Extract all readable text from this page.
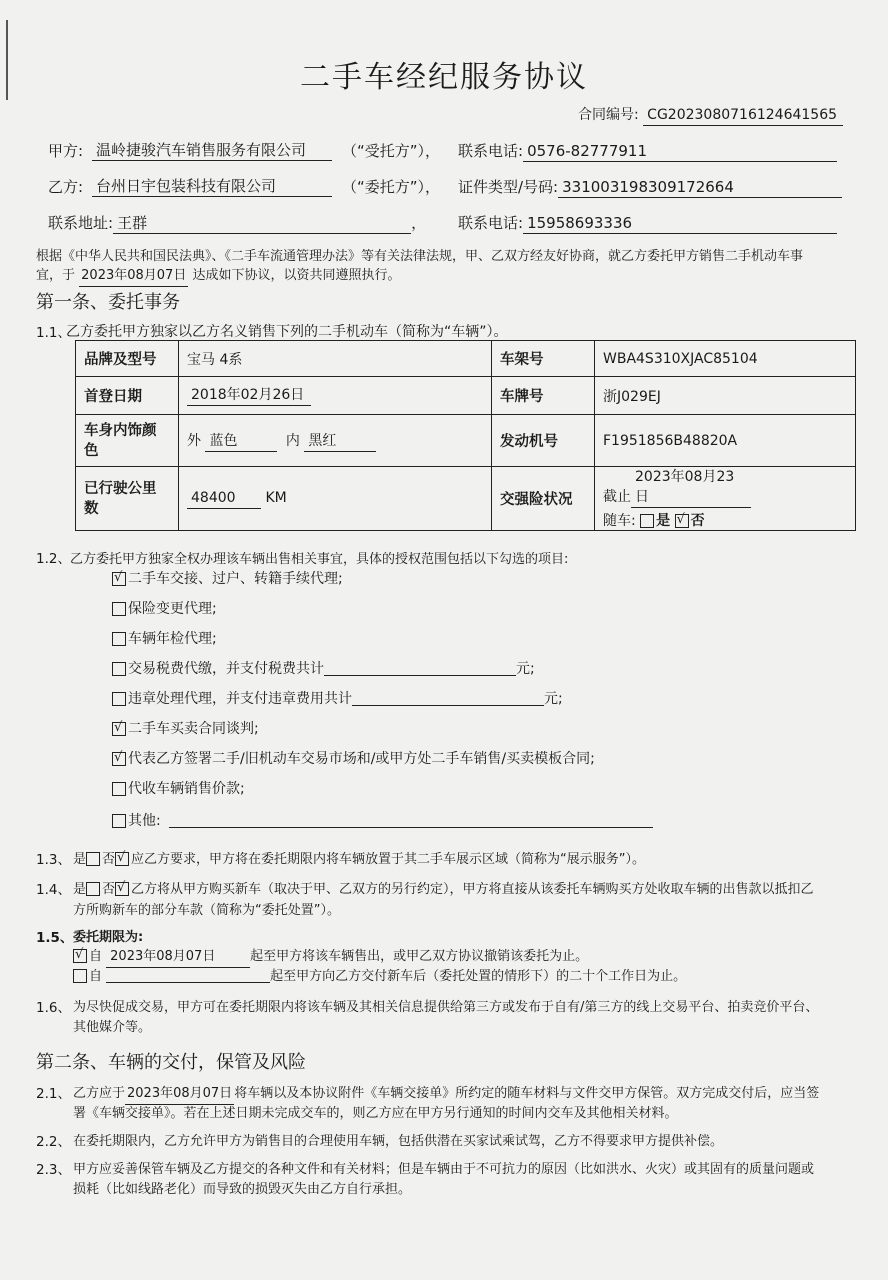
二手车经纪服务协议
合同编号: CG2023080716124641565
甲方: 温岭捷骏汽车销售服务有限公司	（“受托方”）， 联系电话: 0576-82777911
乙方: 台州日宇包装科技有限公司	（“委托方”）， 证件类型/号码: 331003198309172664
联系地址: 王群	， 联系电话: 15958693336
根据《中华人民共和国民法典》、《二手车流通管理办法》等有关法律法规，甲、乙双方经友好协商，就乙方委托甲方销售二手机动车事
宜，于 2023年08月07日 达成如下协议，以资共同遵照执行。
第一条、委托事务
1.1、
乙方委托甲方独家以乙方名义销售下列的二手机动车（简称为“车辆”）。
品牌及型号	宝马 4系	车架号	WBA4S310XJAC85104
首登日期	2018年02月26日	车牌号	浙J029EJ
车身内饰颜色	外 蓝色 内 黑红	发动机号	F1951856B48820A
已行驶公里数	48400 KM	交强险状况	截止2023年08月23日
随车: 是 √ 否
1.2、 乙方委托甲方独家全权办理该车辆出售相关事宜，具体的授权范围包括以下勾选的项目:
√二手车交接、过户、转籍手续代理;
保险变更代理;
车辆年检代理;
交易税费代缴，并支付税费共计	元;
违章处理代理，并支付违章费用共计	元;
√二手车买卖合同谈判;
√代表乙方签署二手/旧机动车交易市场和/或甲方处二手车销售/买卖模板合同;
代收车辆销售价款;
其他:
1.3、 是 否 √ 应乙方要求，甲方将在委托期限内将车辆放置于其二手车展示区域（简称为“展示服务”）。
1.4、 是 否 √ 乙方将从甲方购买新车（取决于甲、乙双方的另行约定），甲方将直接从该委托车辆购买方处收取车辆的出售款以抵扣乙
方所购新车的部分车款（简称为“委托处置”）。
1.5、 委托期限为:
√自 2023年08月07日	起至甲方将该车辆售出，或甲乙双方协议撤销该委托为止。
自	起至甲方向乙方交付新车后（委托处置的情形下）的二十个工作日为止。
1.6、 为尽快促成交易，甲方可在委托期限内将该车辆及其相关信息提供给第三方或发布于自有/第三方的线上交易平台、拍卖竞价平台、
其他媒介等。
第二条、车辆的交付，保管及风险
2.1、 乙方应于 2023年08月07日 将车辆以及本协议附件《车辆交接单》所约定的随车材料与文件交甲方保管。双方完成交付后，应当签
署《车辆交接单》。若在上述日期未完成交车的，则乙方应在甲方另行通知的时间内交车及其他相关材料。
2.2、 在委托期限内，乙方允许甲方为销售目的合理使用车辆，包括供潜在买家试乘试驾，乙方不得要求甲方提供补偿。
2.3、 甲方应妥善保管车辆及乙方提交的各种文件和有关材料；但是车辆由于不可抗力的原因（比如洪水、火灾）或其固有的质量问题或
损耗（比如线路老化）而导致的损毁灭失由乙方自行承担。
